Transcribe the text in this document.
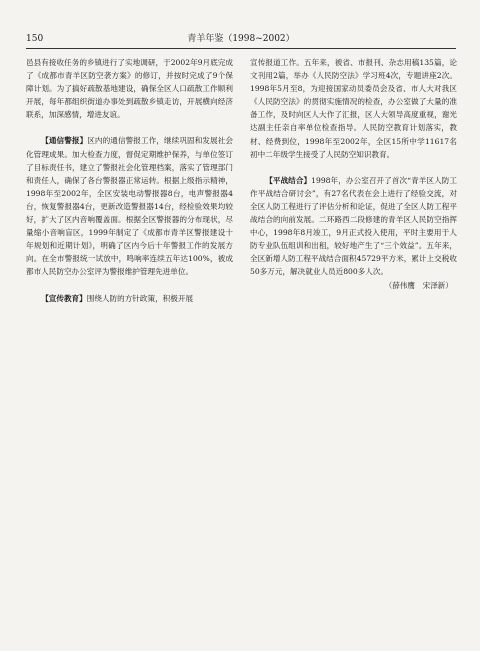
150	青羊年鉴（1998~2002）

邑县有接收任务的乡镇进行了实地调研，于2002年9月底完成了《成都市青羊区防空袭方案》的修订，并按时完成了9个保障计划。为了搞好疏散基地建设，确保全区人口疏散工作顺利开展，每年都组织街道办事处到疏散乡镇走访，开展横向经济联系，加深感情，增进友谊。

【通信警报】区内的通信警报工作，继续巩固和发展社会化管理成果。加大检查力度，督促定期维护保养，与单位签订了目标责任书，建立了警报社会化管理档案，落实了管理部门和责任人，确保了各台警报器正常运转。根据上级指示精神，1998年至2002年，全区安装电动警报器8台，电声警报器4台，恢复警报器4台，更新改造警报器14台，经检验效果均较好，扩大了区内音响覆盖面。根据全区警报器的分布现状，尽量缩小音响盲区，1999年制定了《成都市青羊区警报建设十年规划和近期计划》，明确了区内今后十年警报工作的发展方向。在全市警报统一试放中，鸣响率连续五年达100%，被成都市人民防空办公室评为警报维护管理先进单位。

【宣传教育】围绕人防的方针政策，积极开展

宣传报道工作。五年来，被省、市报刊、杂志用稿135篇，论文刊用2篇，举办《人民防空法》学习班4次，专题讲座2次。1998年5月至8，为迎接国家动员委员会及省、市人大对我区《人民防空法》的贯彻实施情况的检查，办公室做了大量的准备工作，及时向区人大作了汇报，区人大领导高度重视，谢光达副主任亲自率单位检查指导。人民防空教育计划落实，教材、经费到位，1998年至2002年，全区15所中学11617名初中二年级学生接受了人民防空知识教育。

【平战结合】1998年，办公室召开了首次“青羊区人防工作平战结合研讨会”，有27名代表在会上进行了经验交流，对全区人防工程进行了评估分析和论证，促进了全区人防工程平战结合的向前发展。二环路西二段修建的青羊区人民防空指挥中心，1998年8月竣工，9月正式投入使用，平时主要用于人防专业队伍组训和出租，较好地产生了“三个效益”。五年来，全区新增人防工程平战结合面积45729平方米，累计上交税收50多万元，解决就业人员近800多人次。

（薛伟鹰　宋泽新）
